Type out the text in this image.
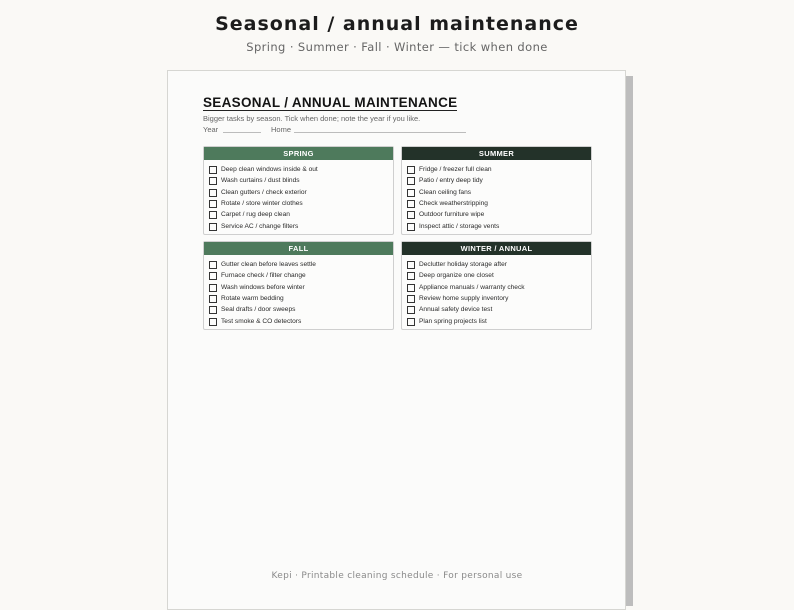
Seasonal / annual maintenance
Spring · Summer · Fall · Winter — tick when done
SEASONAL / ANNUAL MAINTENANCE
Bigger tasks by season. Tick when done; note the year if you like.
Year	Home
SPRING
Deep clean windows inside & out
Wash curtains / dust blinds
Clean gutters / check exterior
Rotate / store winter clothes
Carpet / rug deep clean
Service AC / change filters
SUMMER
Fridge / freezer full clean
Patio / entry deep tidy
Clean ceiling fans
Check weatherstripping
Outdoor furniture wipe
Inspect attic / storage vents
FALL
Gutter clean before leaves settle
Furnace check / filter change
Wash windows before winter
Rotate warm bedding
Seal drafts / door sweeps
Test smoke & CO detectors
WINTER / ANNUAL
Declutter holiday storage after
Deep organize one closet
Appliance manuals / warranty check
Review home supply inventory
Annual safety device test
Plan spring projects list
Kepi · Printable cleaning schedule · For personal use
